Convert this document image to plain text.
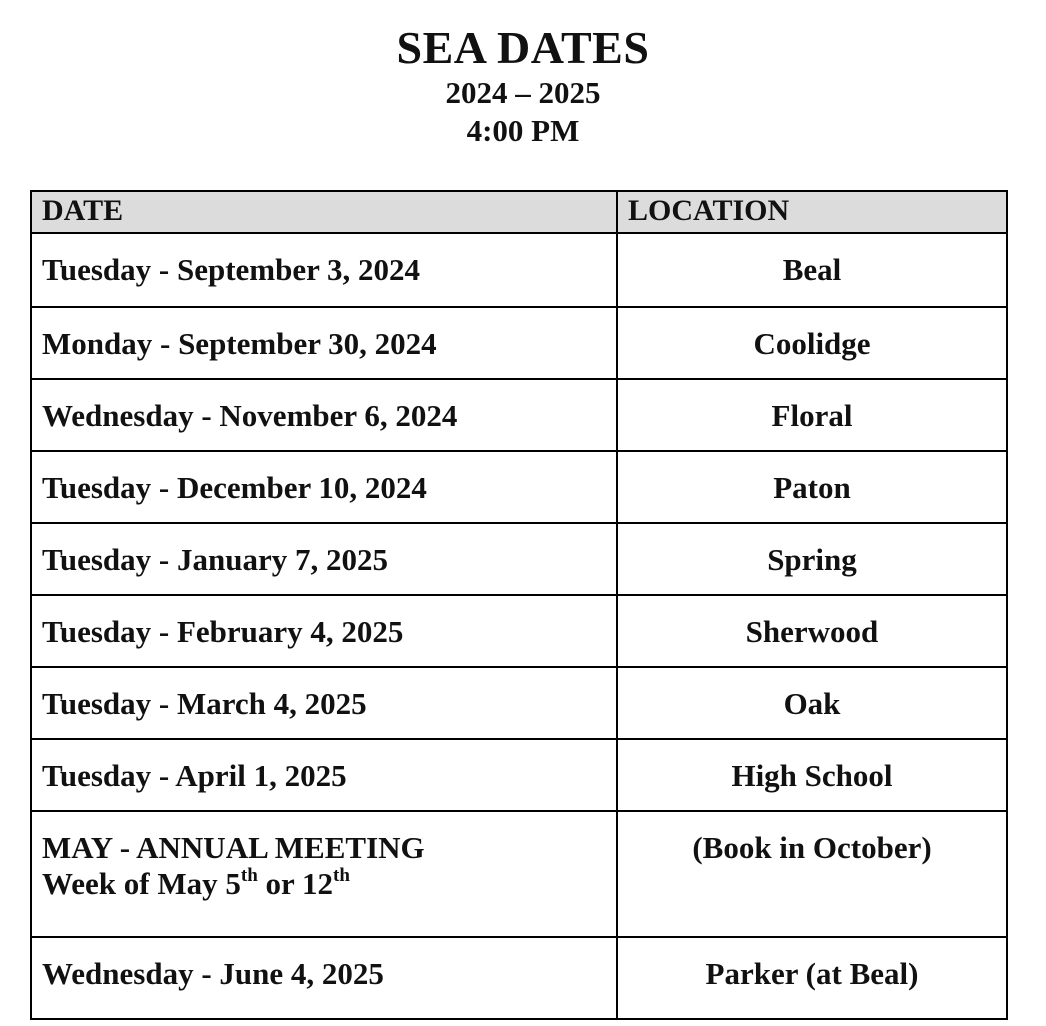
SEA DATES
2024 – 2025
4:00 PM
DATE	LOCATION
Tuesday - September 3, 2024	Beal
Monday - September 30, 2024	Coolidge
Wednesday - November 6, 2024	Floral
Tuesday - December 10, 2024	Paton
Tuesday - January 7, 2025	Spring
Tuesday - February 4, 2025	Sherwood
Tuesday - March 4, 2025	Oak
Tuesday - April 1, 2025	High School

MAY - ANNUAL MEETING
Week of May 5th or 12th	(Book in October)
Wednesday - June 4, 2025	Parker (at Beal)
